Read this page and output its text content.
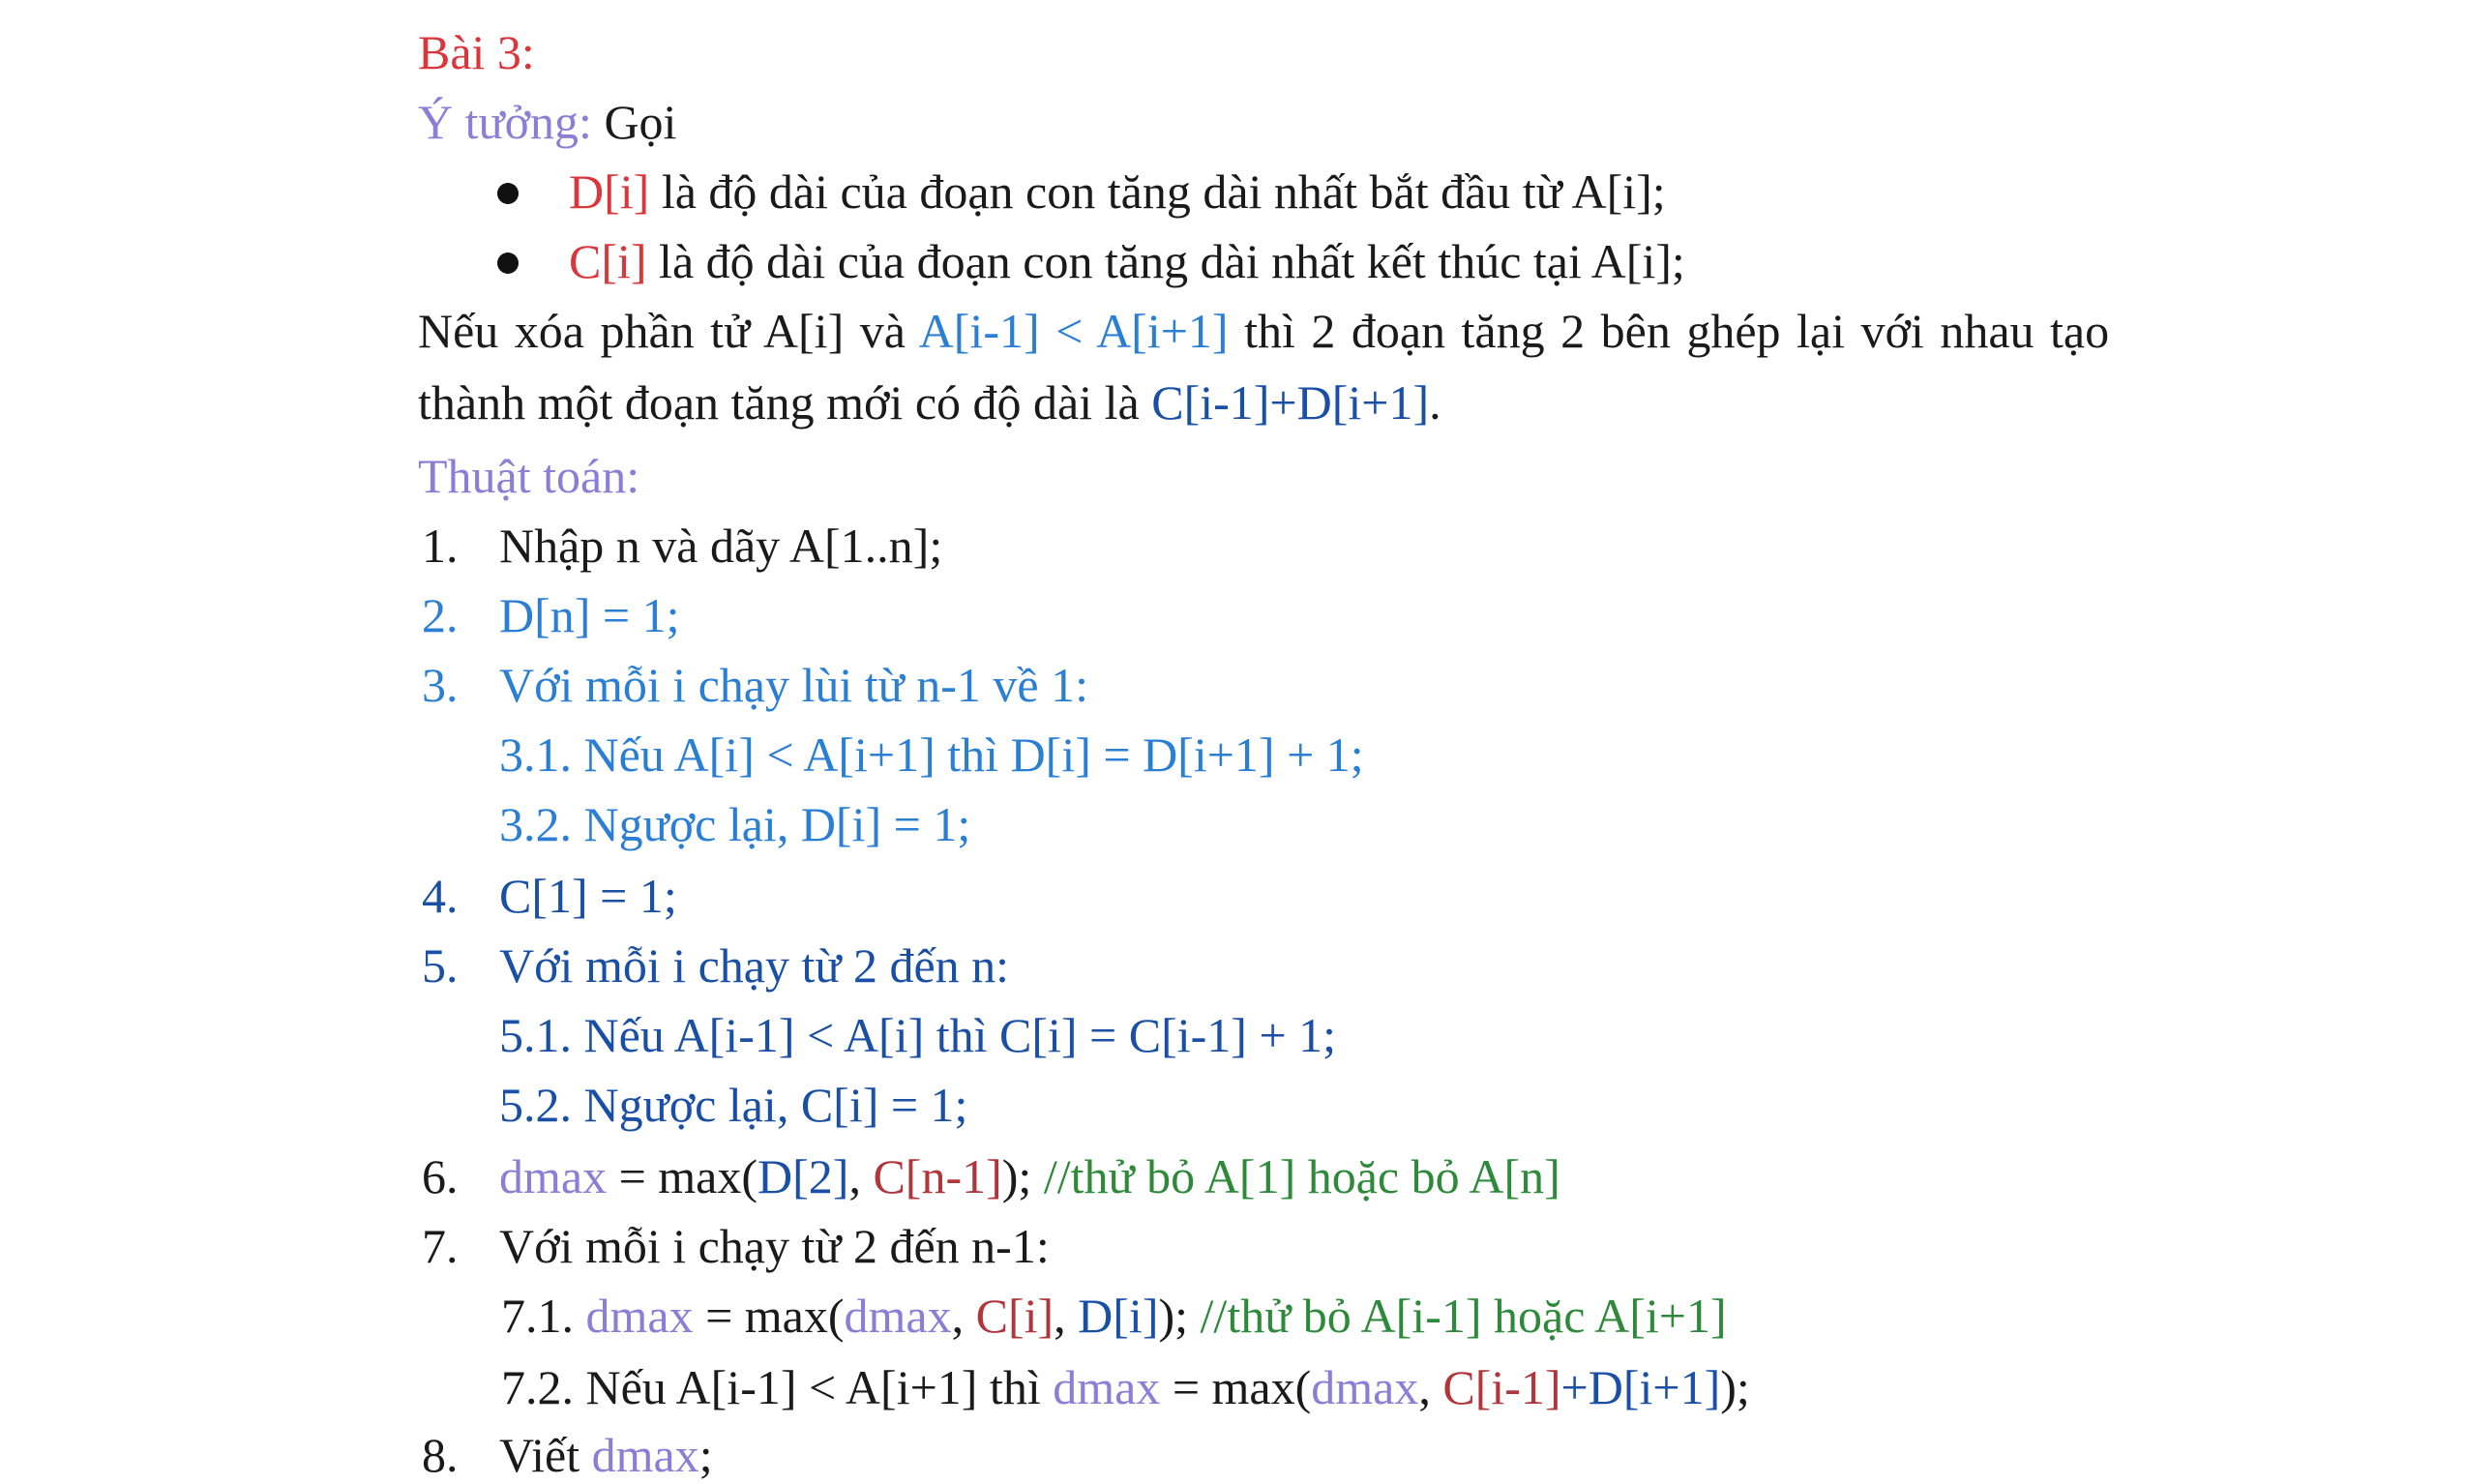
Bài 3:
Ý tưởng: Gọi
D[i] là độ dài của đoạn con tăng dài nhất bắt đầu từ A[i];
C[i] là độ dài của đoạn con tăng dài nhất kết thúc tại A[i];
Nếu xóa phần tử A[i] và A[i-1] < A[i+1] thì 2 đoạn tăng 2 bên ghép lại với nhau tạo
thành một đoạn tăng mới có độ dài là C[i-1]+D[i+1].
Thuật toán:
1. Nhập n và dãy A[1..n];
2. D[n] = 1;
3. Với mỗi i chạy lùi từ n-1 về 1:
3.1. Nếu A[i] < A[i+1] thì D[i] = D[i+1] + 1;
3.2. Ngược lại, D[i] = 1;
4. C[1] = 1;
5. Với mỗi i chạy từ 2 đến n:
5.1. Nếu A[i-1] < A[i] thì C[i] = C[i-1] + 1;
5.2. Ngược lại, C[i] = 1;
6. dmax = max(D[2], C[n-1]); //thử bỏ A[1] hoặc bỏ A[n]
7. Với mỗi i chạy từ 2 đến n-1:
7.1. dmax = max(dmax, C[i], D[i]); //thử bỏ A[i-1] hoặc A[i+1]
7.2. Nếu A[i-1] < A[i+1] thì dmax = max(dmax, C[i-1]+D[i+1]);
8. Viết dmax;
